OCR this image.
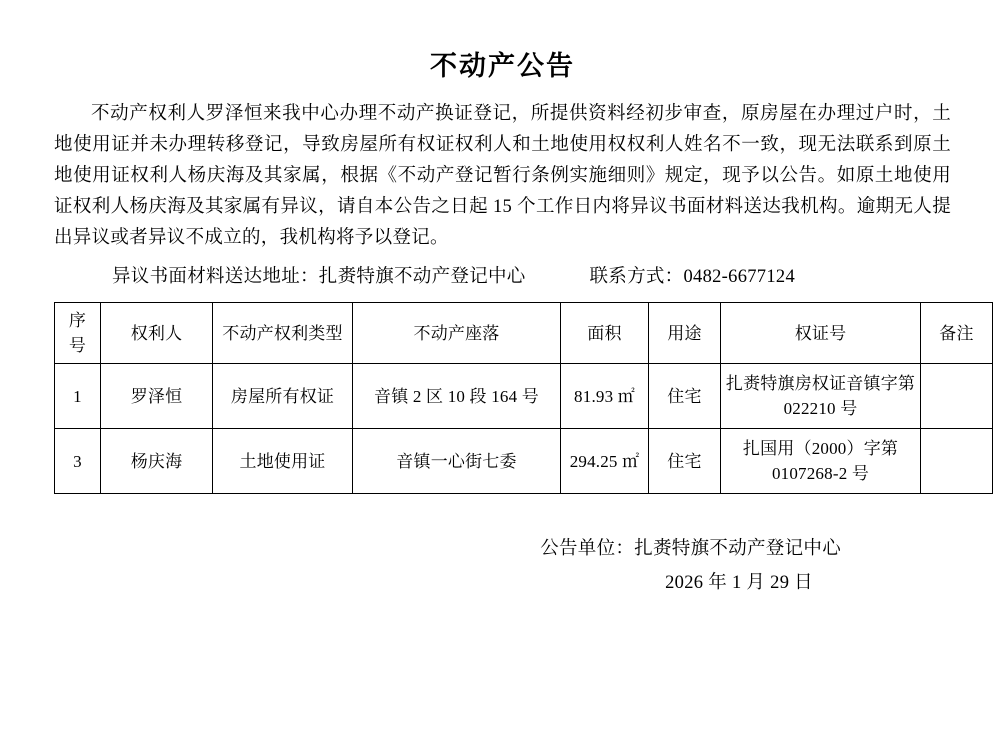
不动产公告

不动产权利人罗泽恒来我中心办理不动产换证登记，所提供资料经初步审查，原房屋在办理过户时，土地使用证并未办理转移登记，导致房屋所有权证权利人和土地使用权权利人姓名不一致，现无法联系到原土地使用证权利人杨庆海及其家属，根据《不动产登记暂行条例实施细则》规定，现予以公告。如原土地使用证权利人杨庆海及其家属有异议，请自本公告之日起 15 个工作日内将异议书面材料送达我机构。逾期无人提出异议或者异议不成立的，我机构将予以登记。

异议书面材料送达地址：扎赉特旗不动产登记中心	联系方式：0482-6677124
序
号	权利人	不动产权利类型	不动产座落	面积	用途	权证号	备注
1	罗泽恒	房屋所有权证	音镇 2 区 10 段 164 号	81.93 ㎡	住宅	扎赉特旗房权证音镇字第 022210 号	
3	杨庆海	土地使用证	音镇一心街七委	294.25 ㎡	住宅	扎国用（2000）字第 0107268-2 号	
公告单位：扎赉特旗不动产登记中心
2026 年 1 月 29 日
